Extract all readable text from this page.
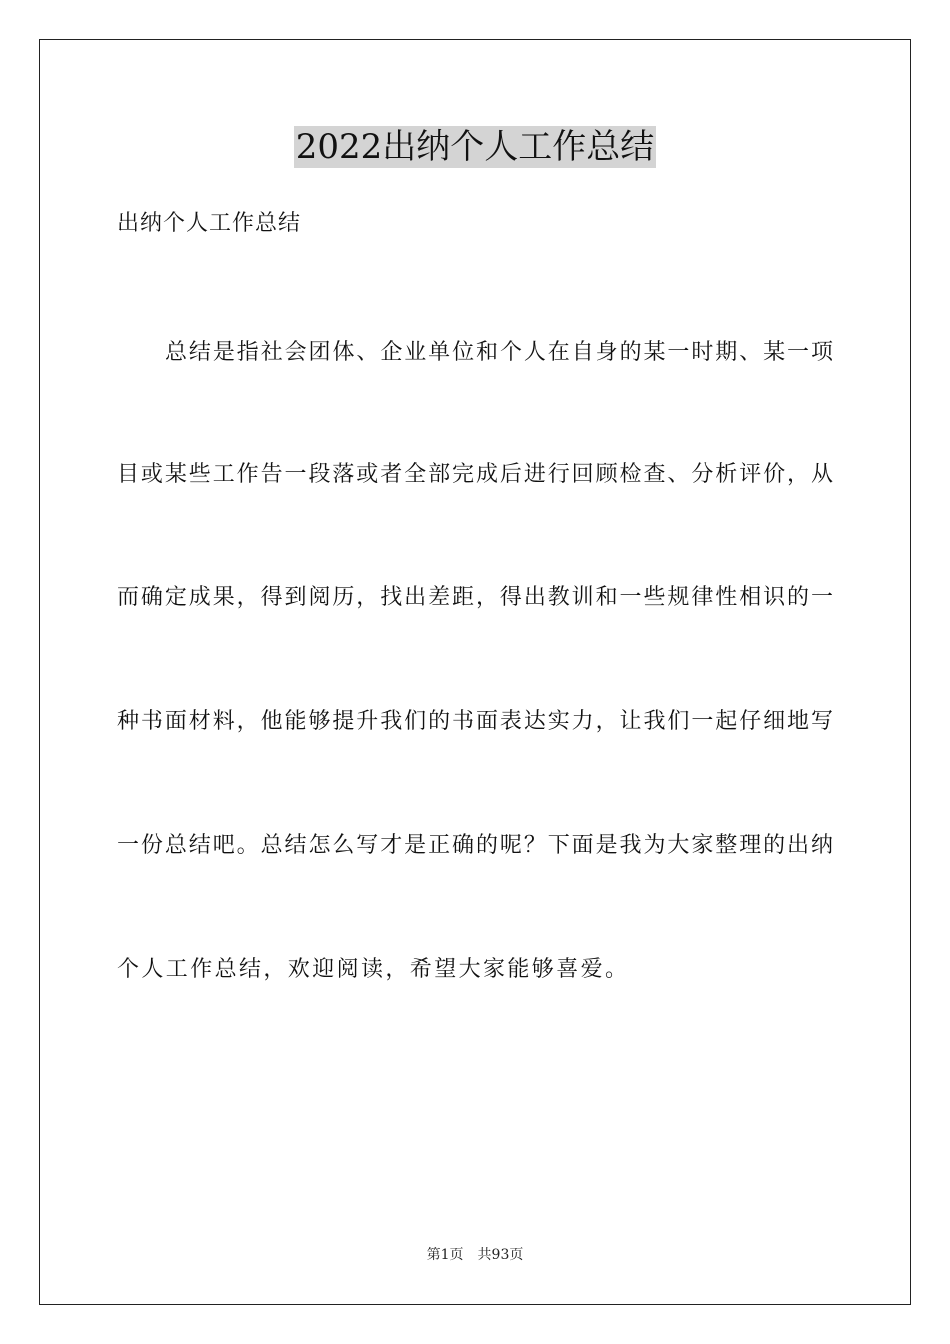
2022出纳个人工作总结
出纳个人工作总结
总结是指社会团体、企业单位和个人在自身的某一时期、某一项
目或某些工作告一段落或者全部完成后进行回顾检查、分析评价，从
而确定成果，得到阅历，找出差距，得出教训和一些规律性相识的一
种书面材料，他能够提升我们的书面表达实力，让我们一起仔细地写
一份总结吧。总结怎么写才是正确的呢？下面是我为大家整理的出纳
个人工作总结，欢迎阅读，希望大家能够喜爱。
第1页 共93页
